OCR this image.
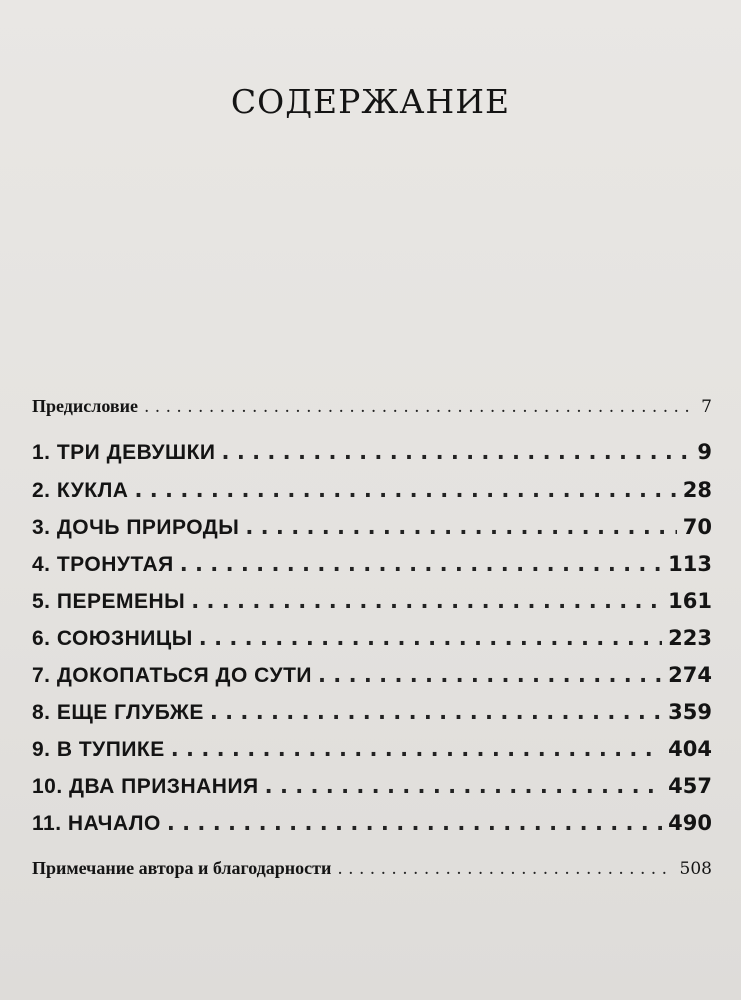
СОДЕРЖАНИЕ
Предисловие . . .	7
1. ТРИ ДЕВУШКИ . . .	9
2. КУКЛА . . .	28
3. ДОЧЬ ПРИРОДЫ . . .	70
4. ТРОНУТАЯ . . .	113
5. ПЕРЕМЕНЫ . . .	161
6. СОЮЗНИЦЫ . . .	223
7. ДОКОПАТЬСЯ ДО СУТИ . . .	274
8. ЕЩЕ ГЛУБЖЕ . . .	359
9. В ТУПИКЕ . . .	404
10. ДВА ПРИЗНАНИЯ . . .	457
11. НАЧАЛО . . .	490
Примечание автора и благодарности . . .	508
